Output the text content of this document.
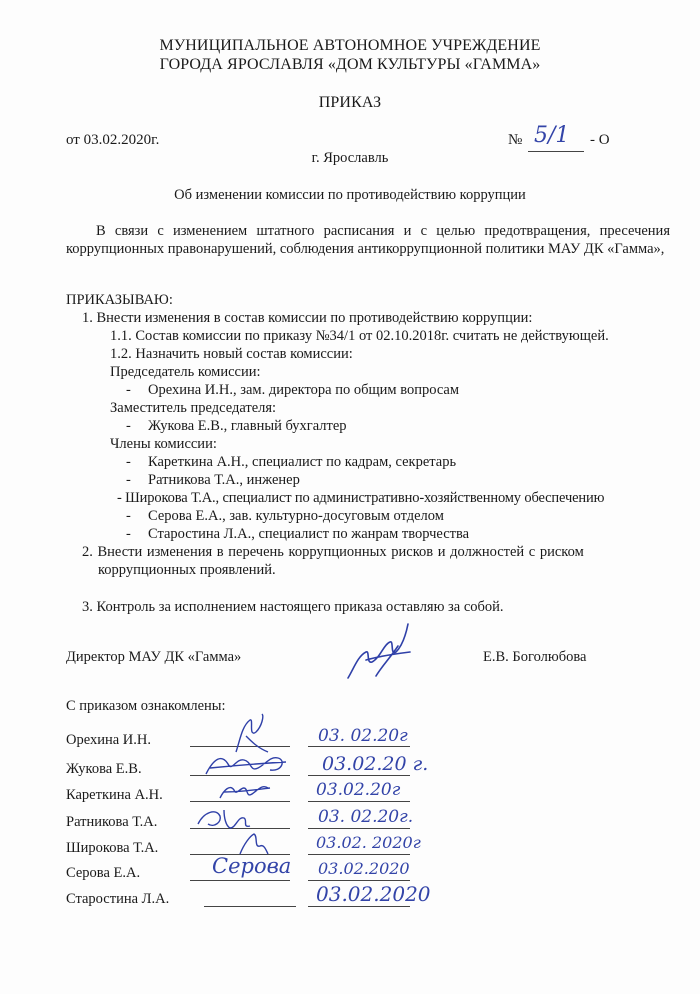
МУНИЦИПАЛЬНОЕ АВТОНОМНОЕ УЧРЕЖДЕНИЕ
ГОРОДА ЯРОСЛАВЛЯ «ДОМ КУЛЬТУРЫ «ГАММА»
ПРИКАЗ
от 03.02.2020г.	№ 5/1 - О
г. Ярославль
Об изменении комиссии по противодействию коррупции
В связи с изменением штатного расписания и с целью предотвращения, пресечения коррупционных правонарушений, соблюдения антикоррупционной политики МАУ ДК «Гамма»,
ПРИКАЗЫВАЮ:
1. Внести изменения в состав комиссии по противодействию коррупции:
1.1. Состав комиссии по приказу №34/1 от 02.10.2018г. считать не действующей.
1.2. Назначить новый состав комиссии:
Председатель комиссии:
- Орехина И.Н., зам. директора по общим вопросам
Заместитель председателя:
- Жукова Е.В., главный бухгалтер
Члены комиссии:
- Кареткина А.Н., специалист по кадрам, секретарь
- Ратникова Т.А., инженер
- Широкова Т.А., специалист по административно-хозяйственному обеспечению
- Серова Е.А., зав. культурно-досуговым отделом
- Старостина Л.А., специалист по жанрам творчества
2. Внести изменения в перечень коррупционных рисков и должностей с риском
коррупционных проявлений.
3. Контроль за исполнением настоящего приказа оставляю за собой.
Директор МАУ ДК «Гамма»	Е.В. Боголюбова
С приказом ознакомлены:
Орехина И.Н.	03. 02.20г
Жукова Е.В.	03.02.20 г.
Кареткина А.Н.	03.02.20г
Ратникова Т.А.	03. 02.20г.
Широкова Т.А.	03.02. 2020г
Серова Е.А.	Серова 03.02.2020
Старостина Л.А.	03.02.2020
